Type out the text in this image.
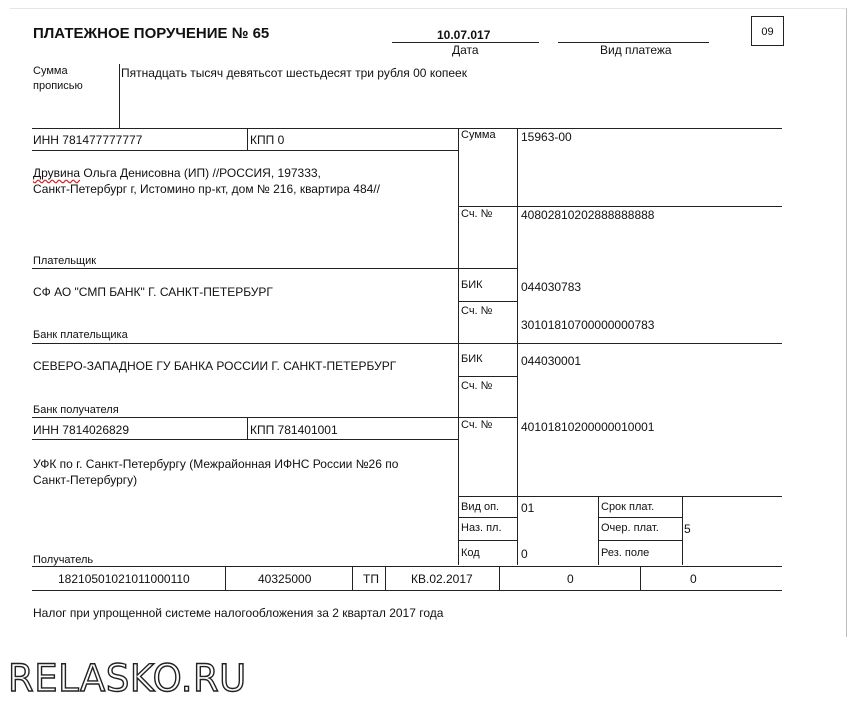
ПЛАТЕЖНОЕ ПОРУЧЕНИЕ № 65	10.07.017
Дата	Вид платежа
09
Сумма
прописью
Пятнадцать тысяч девятьсот шестьдесят три рубля 00 копеек
ИНН 781477777777	КПП 0	Сумма 15963-00
Друвина Ольга Денисовна (ИП) //РОССИЯ, 197333,
Санкт-Петербург г, Истомино пр-кт, дом № 216, квартира 484//
Сч. № 40802810202888888888
Плательщик
СФ АО "СМП БАНК" Г. САНКТ-ПЕТЕРБУРГ	БИК	044030783
Сч. №
30101810700000000783
Банк плательщика
СЕВЕРО-ЗАПАДНОЕ ГУ БАНКА РОССИИ Г. САНКТ-ПЕТЕРБУРГ	БИК	044030001
Сч. №
Банк получателя
ИНН 7814026829	КПП 781401001	Сч. № 40101810200000010001
УФК по г. Санкт-Петербургу (Межрайонная ИФНС России №26 по
Санкт-Петербургу)
Вид оп. 01	Срок плат.
Наз. пл.	Очер. плат. 5
Код	0	Рез. поле
Получатель
18210501021011000110	40325000	ТП	КВ.02.2017	0	0
Налог при упрощенной системе налогообложения за 2 квартал 2017 года
RELASKO.RU
